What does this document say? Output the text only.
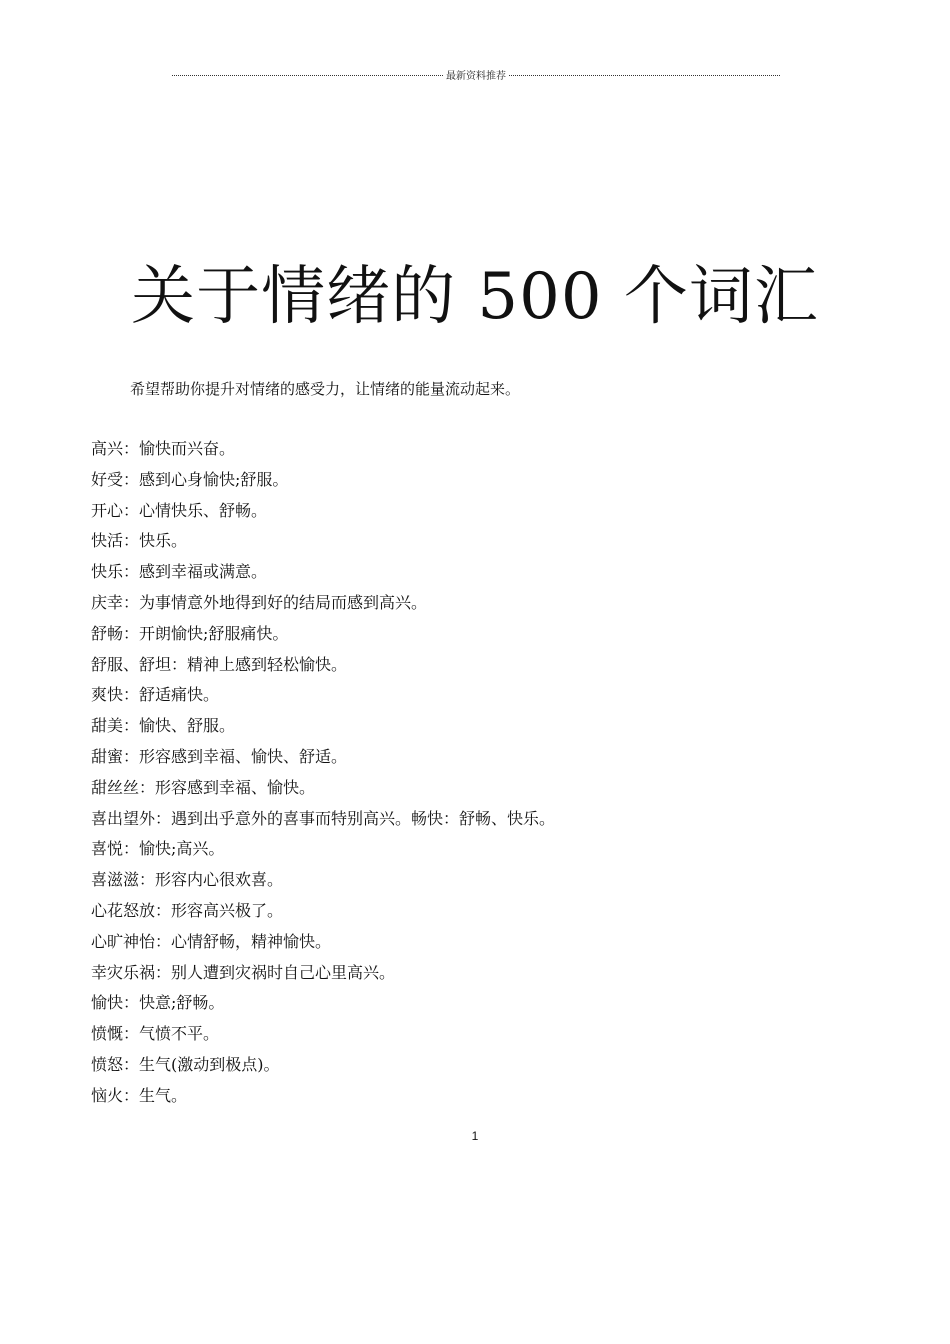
最新资料推荐
关于情绪的 500 个词汇

希望帮助你提升对情绪的感受力，让情绪的能量流动起来。

高兴：愉快而兴奋。
好受：感到心身愉快;舒服。
开心：心情快乐、舒畅。
快活：快乐。
快乐：感到幸福或满意。
庆幸：为事情意外地得到好的结局而感到高兴。
舒畅：开朗愉快;舒服痛快。
舒服、舒坦：精神上感到轻松愉快。
爽快：舒适痛快。
甜美：愉快、舒服。
甜蜜：形容感到幸福、愉快、舒适。
甜丝丝：形容感到幸福、愉快。
喜出望外：遇到出乎意外的喜事而特别高兴。畅快：舒畅、快乐。
喜悦：愉快;高兴。
喜滋滋：形容内心很欢喜。
心花怒放：形容高兴极了。
心旷神怡：心情舒畅，精神愉快。
幸灾乐祸：别人遭到灾祸时自己心里高兴。
愉快：快意;舒畅。
愤慨：气愤不平。
愤怒：生气(激动到极点)。
恼火：生气。
1
